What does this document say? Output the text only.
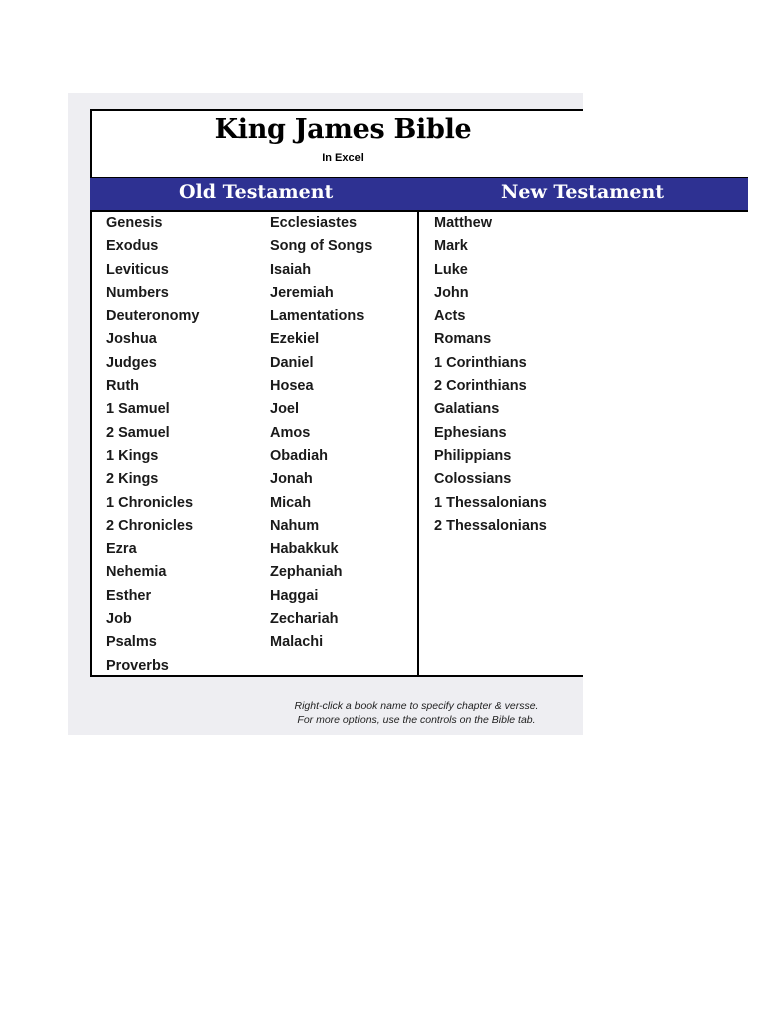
King James Bible
In Excel
Old Testament	New Testament
Genesis
Exodus
Leviticus
Numbers
Deuteronomy
Joshua
Judges
Ruth
1 Samuel
2 Samuel
1 Kings
2 Kings
1 Chronicles
2 Chronicles
Ezra
Nehemia
Esther
Job
Psalms
Proverbs
Ecclesiastes
Song of Songs
Isaiah
Jeremiah
Lamentations
Ezekiel
Daniel
Hosea
Joel
Amos
Obadiah
Jonah
Micah
Nahum
Habakkuk
Zephaniah
Haggai
Zechariah
Malachi
Matthew
Mark
Luke
John
Acts
Romans
1 Corinthians
2 Corinthians
Galatians
Ephesians
Philippians
Colossians
1 Thessalonians
2 Thessalonians
Right-click a book name to specify chapter & versse.
For more options, use the controls on the Bible tab.
